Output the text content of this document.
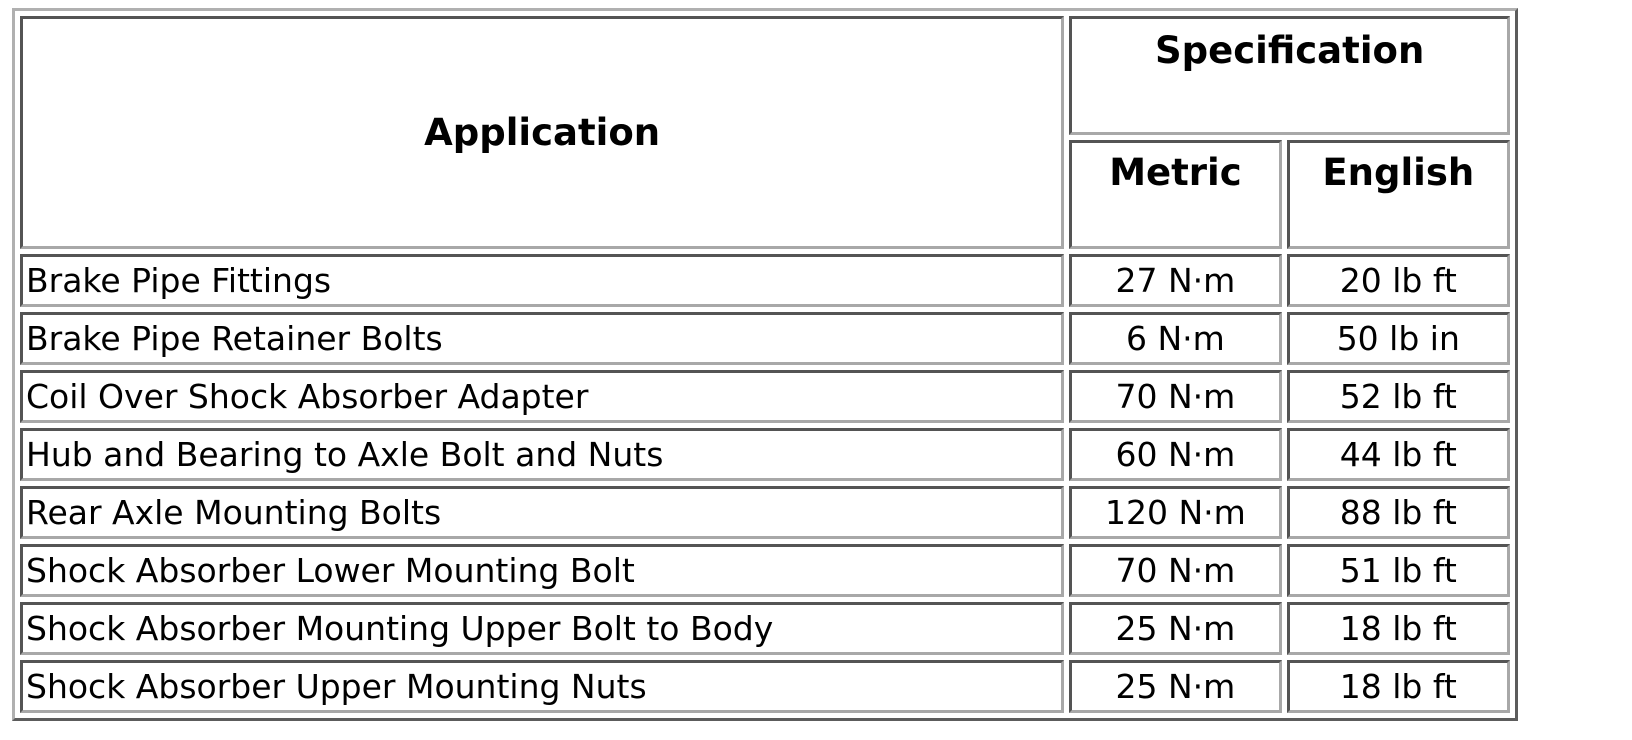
Application	Specification	
	Metric	English
Brake Pipe Fittings	27 N·m	20 lb ft
Brake Pipe Retainer Bolts	6 N·m	50 lb in
Coil Over Shock Absorber Adapter	70 N·m	52 lb ft
Hub and Bearing to Axle Bolt and Nuts	60 N·m	44 lb ft
Rear Axle Mounting Bolts	120 N·m	88 lb ft
Shock Absorber Lower Mounting Bolt	70 N·m	51 lb ft
Shock Absorber Mounting Upper Bolt to Body	25 N·m	18 lb ft
Shock Absorber Upper Mounting Nuts	25 N·m	18 lb ft
